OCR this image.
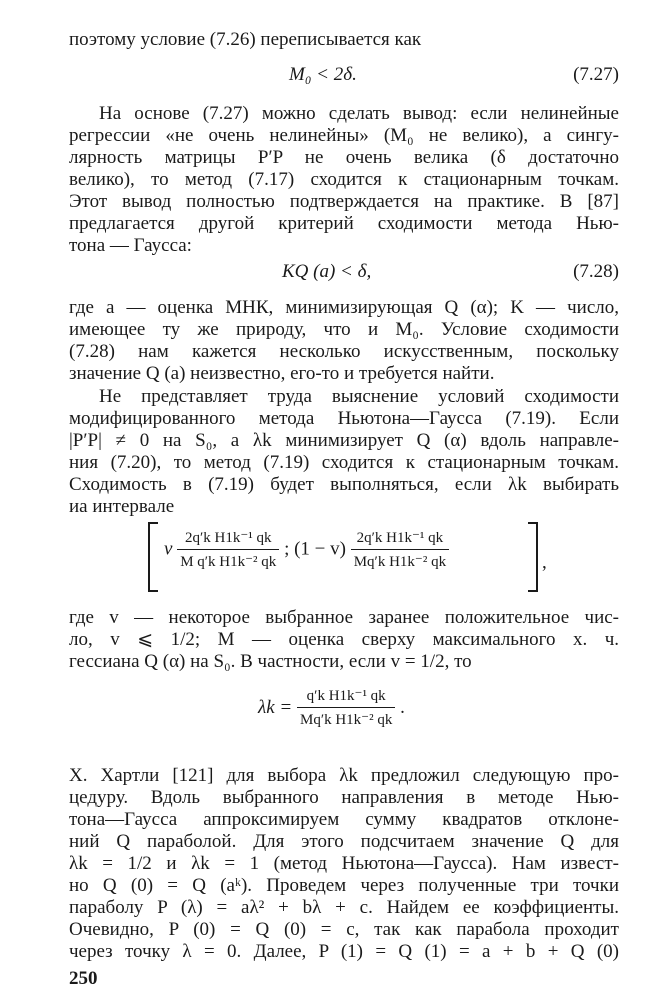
поэтому условие (7.26) переписывается как
M₀ < 2δ.	(7.27)
На основе (7.27) можно сделать вывод: если нелинейные
регрессии «не очень нелинейны» (M₀ не велико), а сингу-
лярность матрицы P′P не очень велика (δ достаточно
велико), то метод (7.17) сходится к стационарным точкам.
Этот вывод полностью подтверждается на практике. В [87]
предлагается другой критерий сходимости метода Нью-
тона — Гаусса:
KQ (a) < δ,	(7.28)
где a — оценка МНК, минимизирующая Q (α); K — число,
имеющее ту же природу, что и M₀. Условие сходимости
(7.28) нам кажется несколько искусственным, поскольку
значение Q (a) неизвестно, его-то и требуется найти.
Не представляет труда выяснение условий сходимости
модифицированного метода Ньютона—Гаусса (7.19). Если
|P′P| ≠ 0 на S₀, а λk минимизирует Q (α) вдоль направле-
ния (7.20), то метод (7.19) сходится к стационарным точкам.
Сходимость в (7.19) будет выполняться, если λk выбирать
иа интервале
v $\frac{\text{2q′k H1k⁻¹ qk}}{\text{M q′k H1k⁻² qk}}$ ; $(1 - v) \frac{\text{2q′k H1k⁻¹ qk}}{\text{Mq′k H1k⁻² qk}}$	,
где v — некоторое выбранное заранее положительное чис-
ло, v ⩽ 1/2; M — оценка сверху максимального х. ч.
гессиана Q (α) на S₀. В частности, если v = 1/2, то
$\lambda k = \frac{\text{q′k H1k⁻¹ qk}}{\text{Mq′k H1k⁻² qk}}$ .
Х. Хартли [121] для выбора λk предложил следующую про-
цедуру. Вдоль выбранного направления в методе Нью-
тона—Гаусса аппроксимируем сумму квадратов отклоне-
ний Q параболой. Для этого подсчитаем значение Q для
λk = 1/2 и λk = 1 (метод Ньютона—Гаусса). Нам извест-
но Q (0) = Q (aᵏ). Проведем через полученные три точки
параболу P (λ) = aλ² + bλ + c. Найдем ее коэффициенты.
Очевидно, P (0) = Q (0) = c, так как парабола проходит
через точку λ = 0. Далее, P (1) = Q (1) = a + b + Q (0)
250
